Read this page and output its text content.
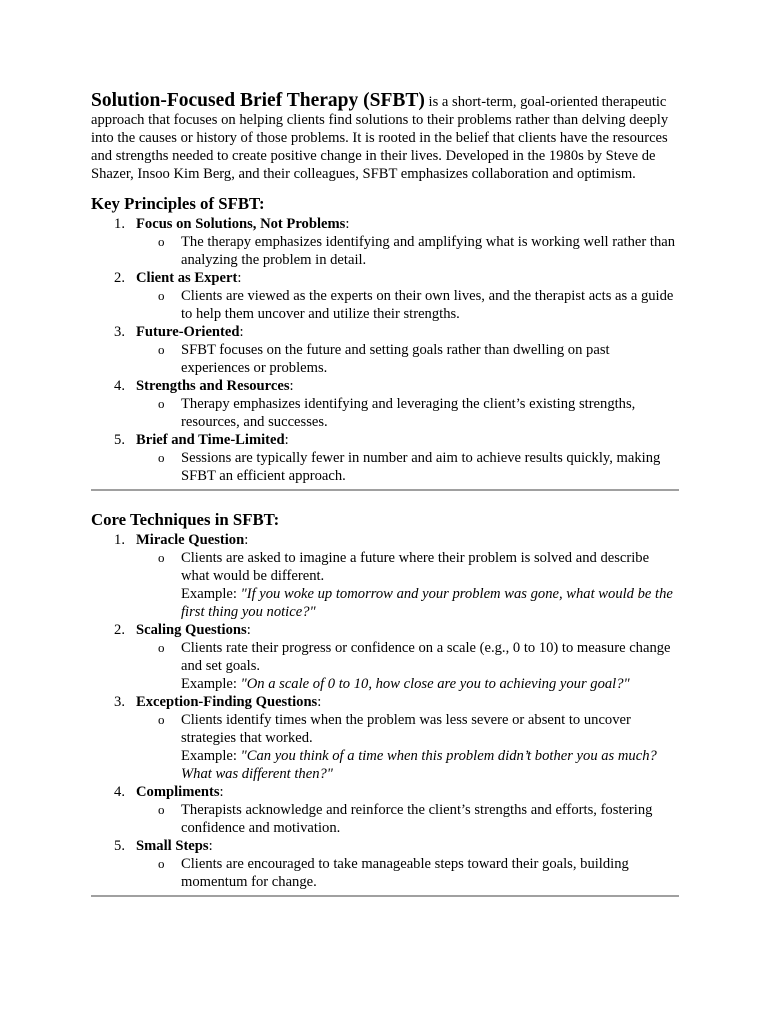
Solution-Focused Brief Therapy (SFBT) is a short-term, goal-oriented therapeutic approach that focuses on helping clients find solutions to their problems rather than delving deeply into the causes or history of those problems. It is rooted in the belief that clients have the resources and strengths needed to create positive change in their lives. Developed in the 1980s by Steve de Shazer, Insoo Kim Berg, and their colleagues, SFBT emphasizes collaboration and optimism.

Key Principles of SFBT:
1. Focus on Solutions, Not Problems:
o The therapy emphasizes identifying and amplifying what is working well rather than analyzing the problem in detail.
2. Client as Expert:
o Clients are viewed as the experts on their own lives, and the therapist acts as a guide to help them uncover and utilize their strengths.
3. Future-Oriented:
o SFBT focuses on the future and setting goals rather than dwelling on past experiences or problems.
4. Strengths and Resources:
o Therapy emphasizes identifying and leveraging the client’s existing strengths, resources, and successes.
5. Brief and Time-Limited:
o Sessions are typically fewer in number and aim to achieve results quickly, making SFBT an efficient approach.
Core Techniques in SFBT:
1. Miracle Question:
o Clients are asked to imagine a future where their problem is solved and describe what would be different.
Example: "If you woke up tomorrow and your problem was gone, what would be the first thing you notice?"
2. Scaling Questions:
o Clients rate their progress or confidence on a scale (e.g., 0 to 10) to measure change and set goals.
Example: "On a scale of 0 to 10, how close are you to achieving your goal?"
3. Exception-Finding Questions:
o Clients identify times when the problem was less severe or absent to uncover strategies that worked.
Example: "Can you think of a time when this problem didn’t bother you as much? What was different then?"
4. Compliments:
o Therapists acknowledge and reinforce the client’s strengths and efforts, fostering confidence and motivation.
5. Small Steps:
o Clients are encouraged to take manageable steps toward their goals, building momentum for change.
